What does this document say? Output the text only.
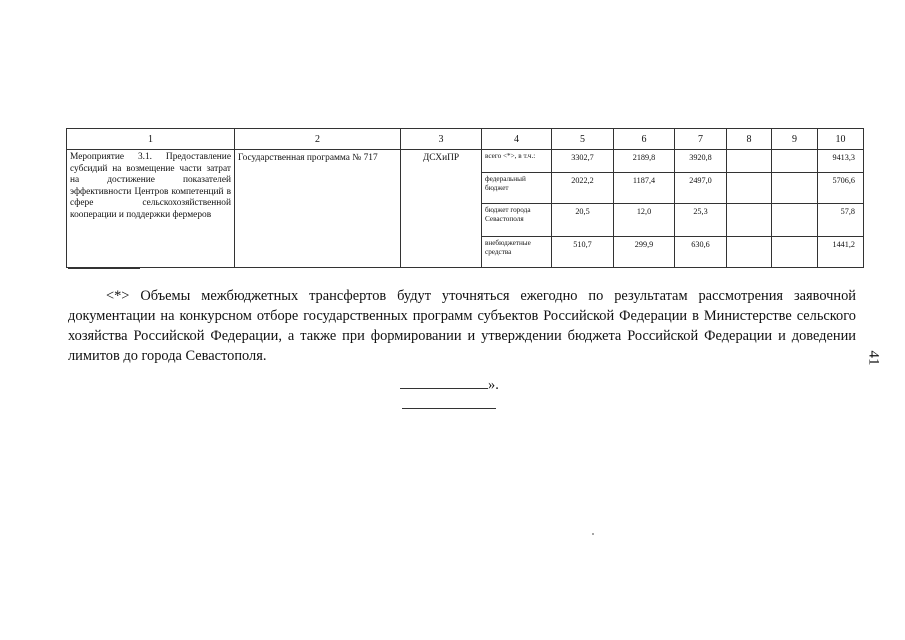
1	2	3	4	5	6	7	8	9	10

Мероприятие 3.1. Предоставление субсидий на возмещение части затрат на достижение показателей эффективности Центров компетенций в сфере сельскохозяйственной кооперации и поддержки фермеров	Государственная программа № 717	ДСХиПР	всего <*>, в т.ч.:	3302,7	2189,8	3920,8			9413,3
			федеральный бюджет	2022,2	1187,4	2497,0			5706,6
			бюджет города Севастополя	20,5	12,0	25,3			57,8
			внебюджетные средства	510,7	299,9	630,6			1441,2
<*> Объемы межбюджетных трансфертов будут уточняться ежегодно по результатам рассмотрения заявочной документации на конкурсном отборе государственных программ субъектов Российской Федерации в Министерстве сельского хозяйства Российской Федерации, а также при формировании и утверждении бюджета Российской Федерации и доведении лимитов до города Севастополя.
».
41
